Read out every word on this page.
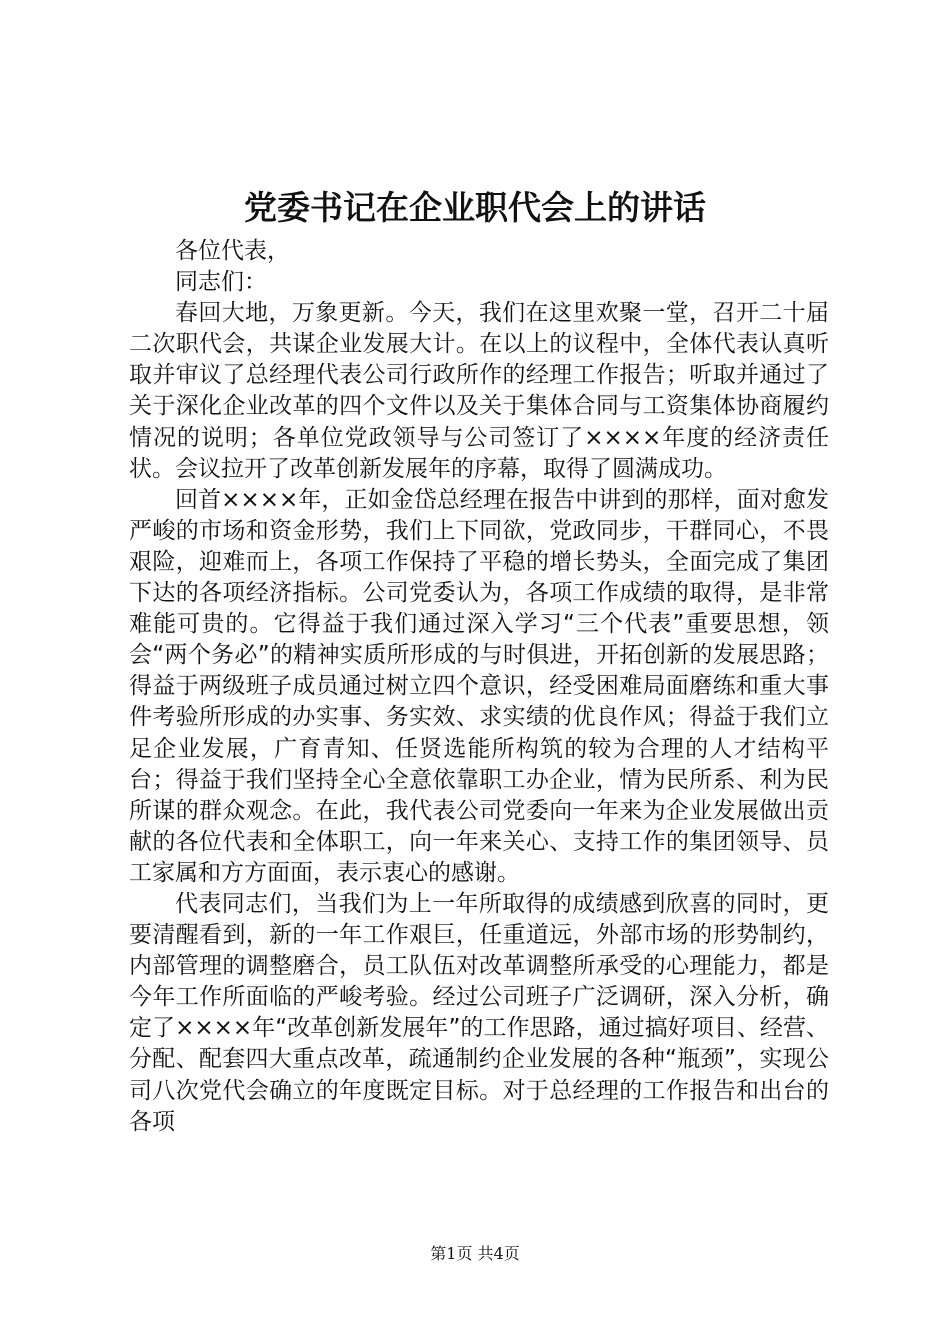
党委书记在企业职代会上的讲话

各位代表，

同志们：

春回大地，万象更新。今天，我们在这里欢聚一堂，召开二十届二次职代会，共谋企业发展大计。在以上的议程中，全体代表认真听取并审议了总经理代表公司行政所作的经理工作报告；听取并通过了关于深化企业改革的四个文件以及关于集体合同与工资集体协商履约情况的说明；各单位党政领导与公司签订了××××年度的经济责任状。会议拉开了改革创新发展年的序幕，取得了圆满成功。

回首××××年，正如金岱总经理在报告中讲到的那样，面对愈发严峻的市场和资金形势，我们上下同欲，党政同步，干群同心，不畏艰险，迎难而上，各项工作保持了平稳的增长势头，全面完成了集团下达的各项经济指标。公司党委认为，各项工作成绩的取得，是非常难能可贵的。它得益于我们通过深入学习“三个代表”重要思想，领会“两个务必”的精神实质所形成的与时俱进，开拓创新的发展思路；得益于两级班子成员通过树立四个意识，经受困难局面磨练和重大事件考验所形成的办实事、务实效、求实绩的优良作风；得益于我们立足企业发展，广育青知、任贤选能所构筑的较为合理的人才结构平台；得益于我们坚持全心全意依靠职工办企业，情为民所系、利为民所谋的群众观念。在此，我代表公司党委向一年来为企业发展做出贡献的各位代表和全体职工，向一年来关心、支持工作的集团领导、员工家属和方方面面，表示衷心的感谢。

代表同志们，当我们为上一年所取得的成绩感到欣喜的同时，更要清醒看到，新的一年工作艰巨，任重道远，外部市场的形势制约，内部管理的调整磨合，员工队伍对改革调整所承受的心理能力，都是今年工作所面临的严峻考验。经过公司班子广泛调研，深入分析，确定了××××年“改革创新发展年”的工作思路，通过搞好项目、经营、分配、配套四大重点改革，疏通制约企业发展的各种“瓶颈”，实现公司八次党代会确立的年度既定目标。对于总经理的工作报告和出台的各项

第1页 共4页
